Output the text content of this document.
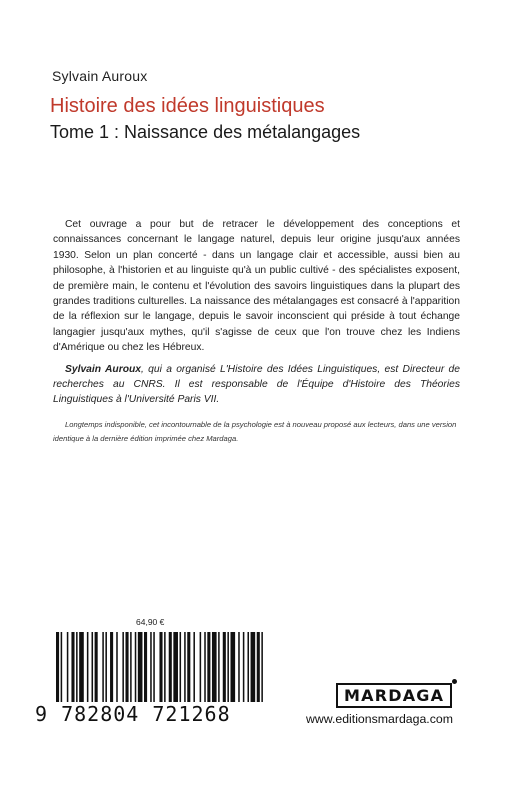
Sylvain Auroux
Histoire des idées linguistiques
Tome 1 : Naissance des métalangages

Cet ouvrage a pour but de retracer le développement des conceptions et connaissances concernant le langage naturel, depuis leur origine jusqu'aux années 1930. Selon un plan concerté - dans un langage clair et accessible, aussi bien au philosophe, à l'historien et au linguiste qu'à un public cultivé - des spécialistes exposent, de première main, le contenu et l'évolution des savoirs linguistiques dans la plupart des grandes traditions culturelles. La naissance des métalangages est consacré à l'apparition de la réflexion sur le langage, depuis le savoir inconscient qui préside à tout échange langagier jusqu'aux mythes, qu'il s'agisse de ceux que l'on trouve chez les Indiens d'Amérique ou chez les Hébreux.

Sylvain Auroux, qui a organisé L'Histoire des Idées Linguistiques, est Directeur de recherches au CNRS. Il est responsable de l'Équipe d'Histoire des Théories Linguistiques à l'Université Paris VII.

Longtemps indisponible, cet incontournable de la psychologie est à nouveau proposé aux lecteurs, dans une version identique à la dernière édition imprimée chez Mardaga.

64,90 €
9 782804 721268
MARDAGA
www.editionsmardaga.com
